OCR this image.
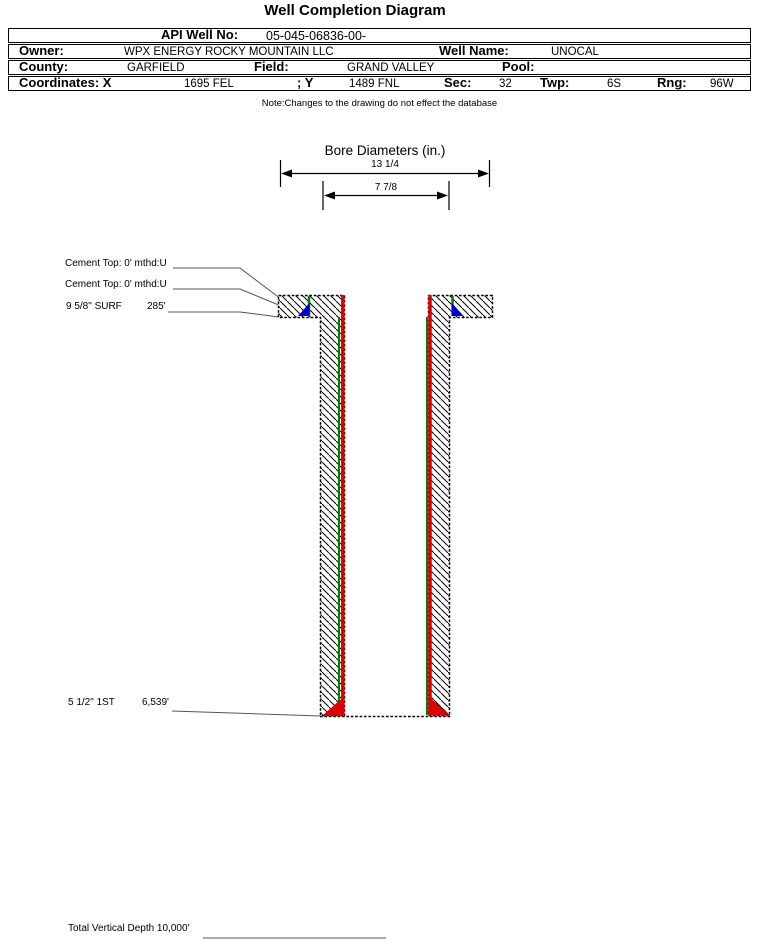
Well Completion Diagram
API Well No: 05-045-06836-00-
Owner:	WPX ENERGY ROCKY MOUNTAIN LLC	Well Name:	UNOCAL
County:	GARFIELD	Field:	GRAND VALLEY	Pool:
Coordinates: X	1695 FEL	; Y	1489 FNL	Sec: 32 Twp:	6S	Rng: 96W
Note:Changes to the drawing do not effect the database
Bore Diameters (in.)
13 1/4
7 7/8
Cement Top: 0' mthd:U
Cement Top: 0' mthd:U
9 5/8" SURF	285'
5 1/2" 1ST	6,539'
Total Vertical Depth 10,000'
